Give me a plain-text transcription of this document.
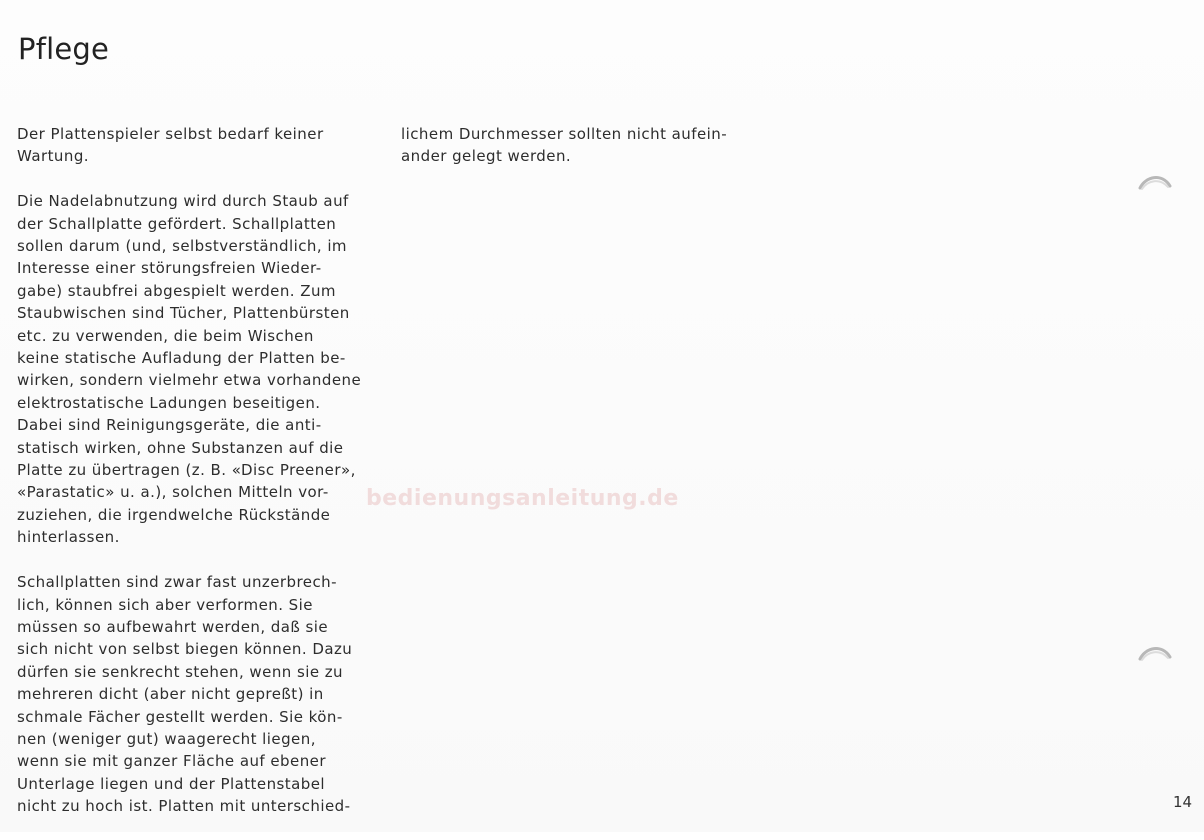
Pflege

Der Plattenspieler selbst bedarf keiner
Wartung.

Die Nadelabnutzung wird durch Staub auf
der Schallplatte gefördert. Schallplatten
sollen darum (und, selbstverständlich, im
Interesse einer störungsfreien Wieder-
gabe) staubfrei abgespielt werden. Zum
Staubwischen sind Tücher, Plattenbürsten
etc. zu verwenden, die beim Wischen
keine statische Aufladung der Platten be-
wirken, sondern vielmehr etwa vorhandene
elektrostatische Ladungen beseitigen.
Dabei sind Reinigungsgeräte, die anti-
statisch wirken, ohne Substanzen auf die
Platte zu übertragen (z. B. «Disc Preener»,
«Parastatic» u. a.), solchen Mitteln vor-
zuziehen, die irgendwelche Rückstände
hinterlassen.

Schallplatten sind zwar fast unzerbrech-
lich, können sich aber verformen. Sie
müssen so aufbewahrt werden, daß sie
sich nicht von selbst biegen können. Dazu
dürfen sie senkrecht stehen, wenn sie zu
mehreren dicht (aber nicht gepreßt) in
schmale Fächer gestellt werden. Sie kön-
nen (weniger gut) waagerecht liegen,
wenn sie mit ganzer Fläche auf ebener
Unterlage liegen und der Plattenstabel
nicht zu hoch ist. Platten mit unterschied-

lichem Durchmesser sollten nicht aufein-
ander gelegt werden.

bedienungsanleitung.de
14
